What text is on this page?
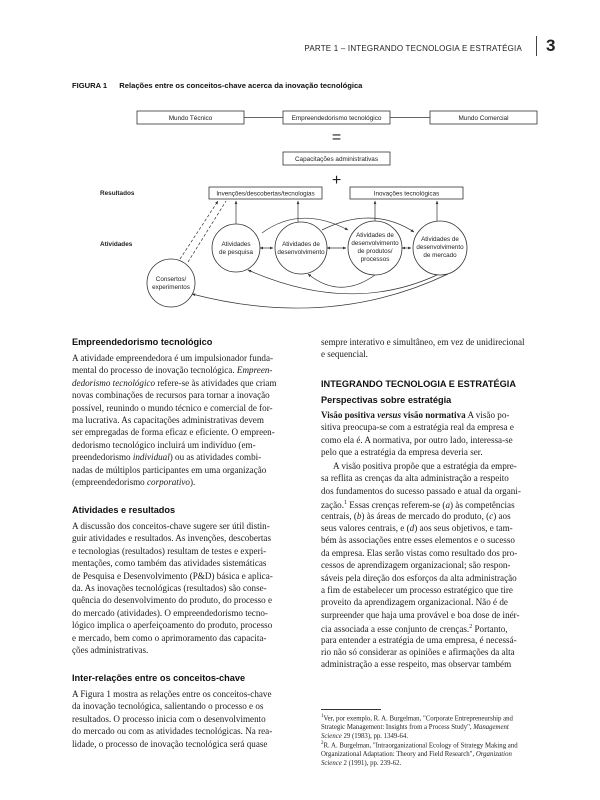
PARTE 1 – INTEGRANDO TECNOLOGIA E ESTRATÉGIA 3
FIGURA 1 Relações entre os conceitos-chave acerca da inovação tecnológica
Mundo Técnico	Empreendedorismo tecnológico	Mundo Comercial
=
Capacitações administrativas
+
Resultados
Atividades
Invenções/descobertas/tecnologias	Inovações tecnológicas
Atividades
de pesquisa
Atividades de
desenvolvimento
Atividades de
desenvolvimento
de produtos/
processos
Atividades de
desenvolvimento
de mercado
Consertos/
experimentos
Empreendedorismo tecnológico
A atividade empreendedora é um impulsionador funda-
mental do processo de inovação tecnológica. Empreen-
dedorismo tecnológico refere-se às atividades que criam
novas combinações de recursos para tornar a inovação
possível, reunindo o mundo técnico e comercial de for-
ma lucrativa. As capacitações administrativas devem
ser empregadas de forma eficaz e eficiente. O empreen-
dedorismo tecnológico incluirá um indivíduo (em-
preendedorismo individual) ou as atividades combi-
nadas de múltiplos participantes em uma organização
(empreendedorismo corporativo).
Atividades e resultados
A discussão dos conceitos-chave sugere ser útil distin-
guir atividades e resultados. As invenções, descobertas
e tecnologias (resultados) resultam de testes e experi-
mentações, como também das atividades sistemáticas
de Pesquisa e Desenvolvimento (P&D) básica e aplica-
da. As inovações tecnológicas (resultados) são conse-
quência do desenvolvimento do produto, do processo e
do mercado (atividades). O empreendedorismo tecno-
lógico implica o aperfeiçoamento do produto, processo
e mercado, bem como o aprimoramento das capacita-
ções administrativas.
Inter-relações entre os conceitos-chave
A Figura 1 mostra as relações entre os conceitos-chave
da inovação tecnológica, salientando o processo e os
resultados. O processo inicia com o desenvolvimento
do mercado ou com as atividades tecnológicas. Na rea-
lidade, o processo de inovação tecnológica será quase
sempre interativo e simultâneo, em vez de unidirecional
e sequencial.
INTEGRANDO TECNOLOGIA E ESTRATÉGIA
Perspectivas sobre estratégia
Visão positiva versus visão normativa A visão po-
sitiva preocupa-se com a estratégia real da empresa e
como ela é. A normativa, por outro lado, interessa-se
pelo que a estratégia da empresa deveria ser.
A visão positiva propõe que a estratégia da empre-
sa reflita as crenças da alta administração a respeito
dos fundamentos do sucesso passado e atual da organi-
zação.$^1$ Essas crenças referem-se (a) às competências
centrais, (b) às áreas de mercado do produto, (c) aos
seus valores centrais, e (d) aos seus objetivos, e tam-
bém às associações entre esses elementos e o sucesso
da empresa. Elas serão vistas como resultado dos pro-
cessos de aprendizagem organizacional; são respon-
sáveis pela direção dos esforços da alta administração
a fim de estabelecer um processo estratégico que tire
proveito da aprendizagem organizacional. Não é de
surpreender que haja uma provável e boa dose de inér-
cia associada a esse conjunto de crenças.$^2$ Portanto,
para entender a estratégia de uma empresa, é necessá-
rio não só considerar as opiniões e afirmações da alta
administração a esse respeito, mas observar também
$^1$Ver, por exemplo, R. A. Burgelman, "Corporate Entrepreneurship and
Strategic Management: Insights from a Process Study", Management
Science 29 (1983), pp. 1349-64.
$^2$R. A. Burgelman, "Intraorganizational Ecology of Strategy Making and
Organizational Adaptation: Theory and Field Research", Organization
Science 2 (1991), pp. 239-62.
